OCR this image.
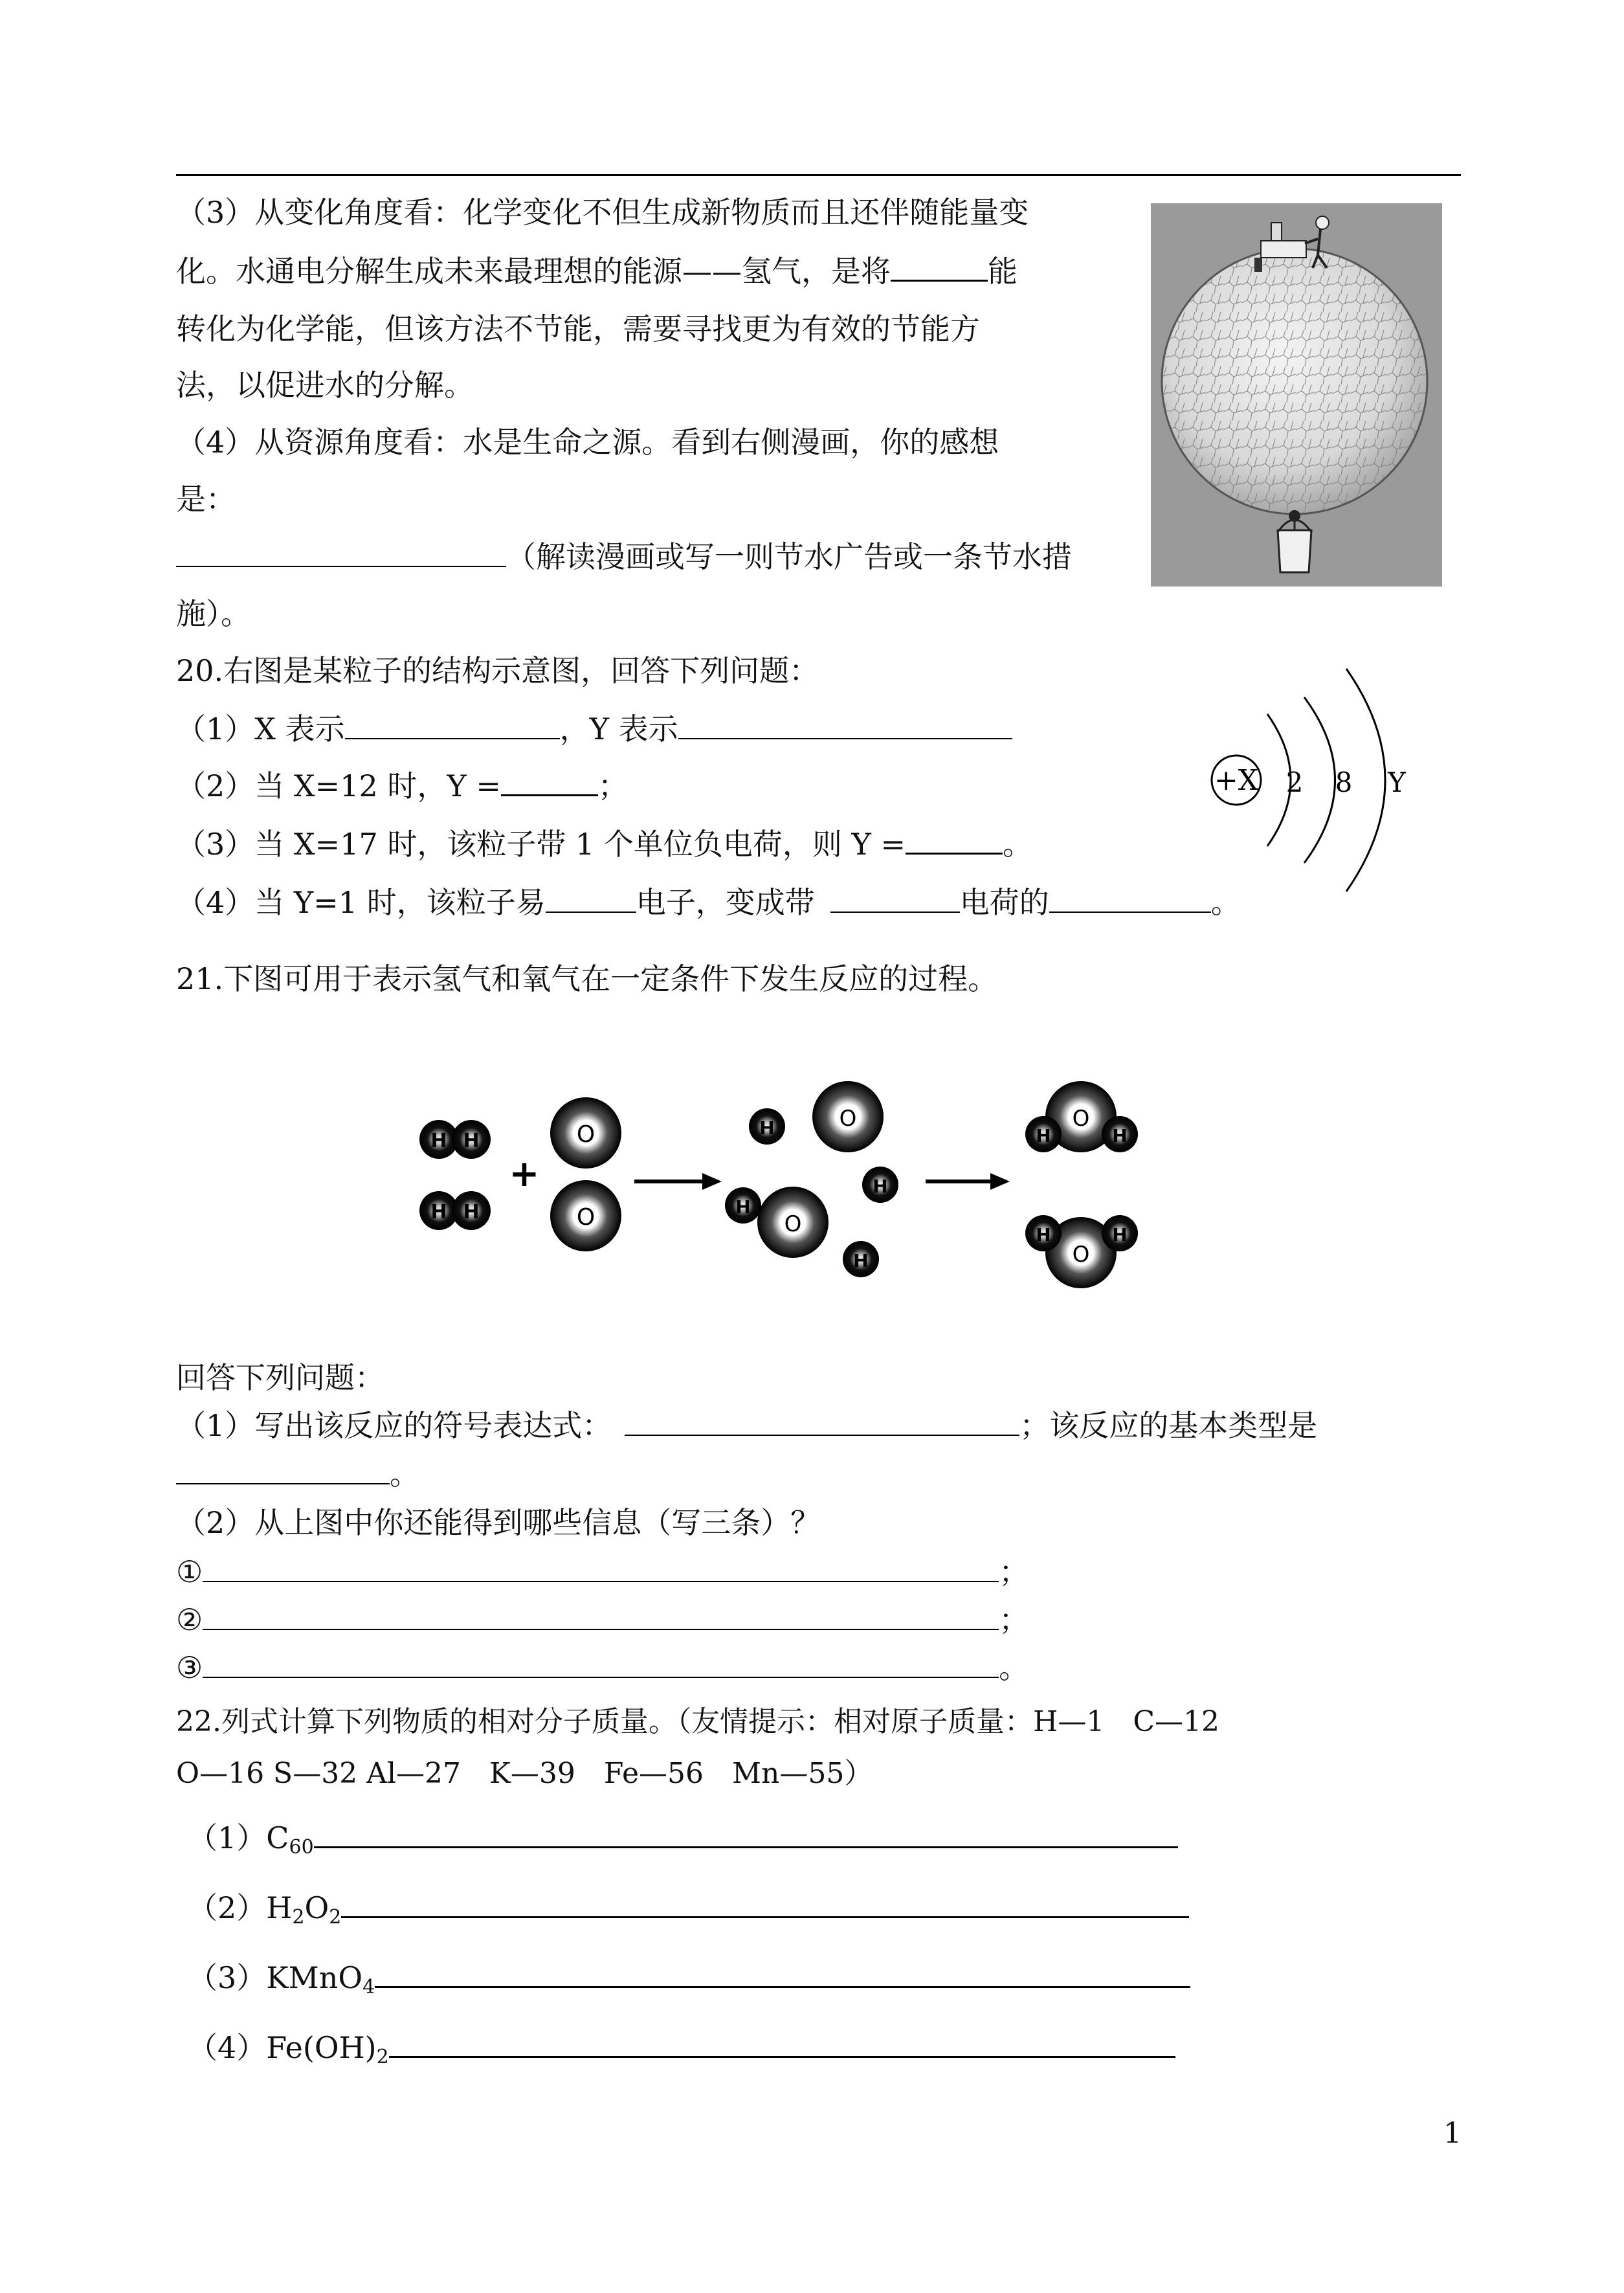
（3）从变化角度看：化学变化不但生成新物质而且还伴随能量变
化。水通电分解生成未来最理想的能源——氢气，是将	能
转化为化学能，但该方法不节能，需要寻找更为有效的节能方
法，以促进水的分解。
（4）从资源角度看：水是生命之源。看到右侧漫画，你的感想
是：
（解读漫画或写一则节水广告或一条节水措
施）。
20.右图是某粒子的结构示意图，回答下列问题：
（1）X 表示	，Y 表示
（2）当 X=12 时，Y =	；
（3）当 X=17 时，该粒子带 1 个单位负电荷，则 Y =	。
（4）当 Y=1 时，该粒子易	电子，变成带	电荷的	。
+X 2 8 Y
21.下图可用于表示氢气和氧气在一定条件下发生反应的过程。
H H
H H
+
O
O
H	O
H
O
H
H
O
H	H
O
H	H
回答下列问题：
（1）写出该反应的符号表达式：	；该反应的基本类型是
。
（2）从上图中你还能得到哪些信息（写三条）？
①	；
②	；
③	。
22.列式计算下列物质的相对分子质量。（友情提示：相对原子质量：H—1　C—12
O—16 S—32 Al—27　K—39　Fe—56　Mn—55）
$(1)C_{60}$
$(2)H_2O_2$
（3）KMnO$_4$
$(4)Fe(OH)_2$
1
